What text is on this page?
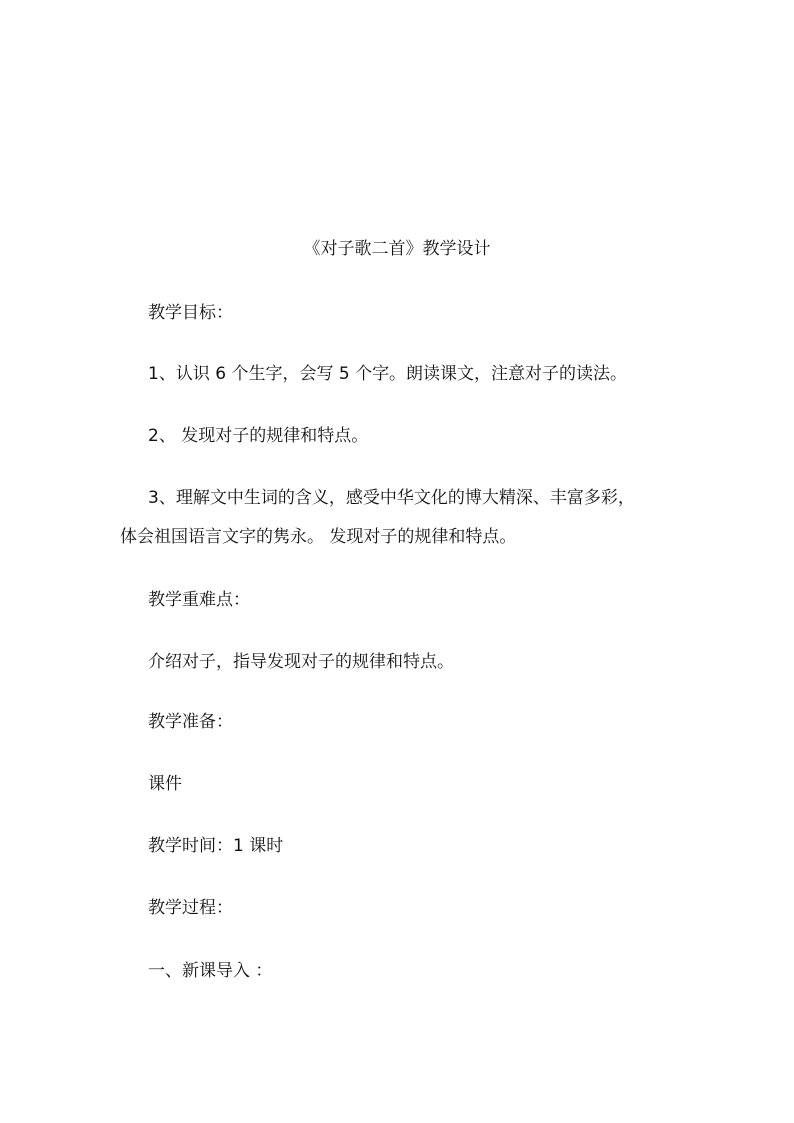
《对子歌二首》教学设计
教学目标：
1、认识 6 个生字，会写 5 个字。朗读课文，注意对子的读法。
2、 发现对子的规律和特点。
3、理解文中生词的含义，感受中华文化的博大精深、丰富多彩，
体会祖国语言文字的隽永。 发现对子的规律和特点。
教学重难点：
介绍对子，指导发现对子的规律和特点。
教学准备：
课件
教学时间：1 课时
教学过程：
一、新课导入 ：
